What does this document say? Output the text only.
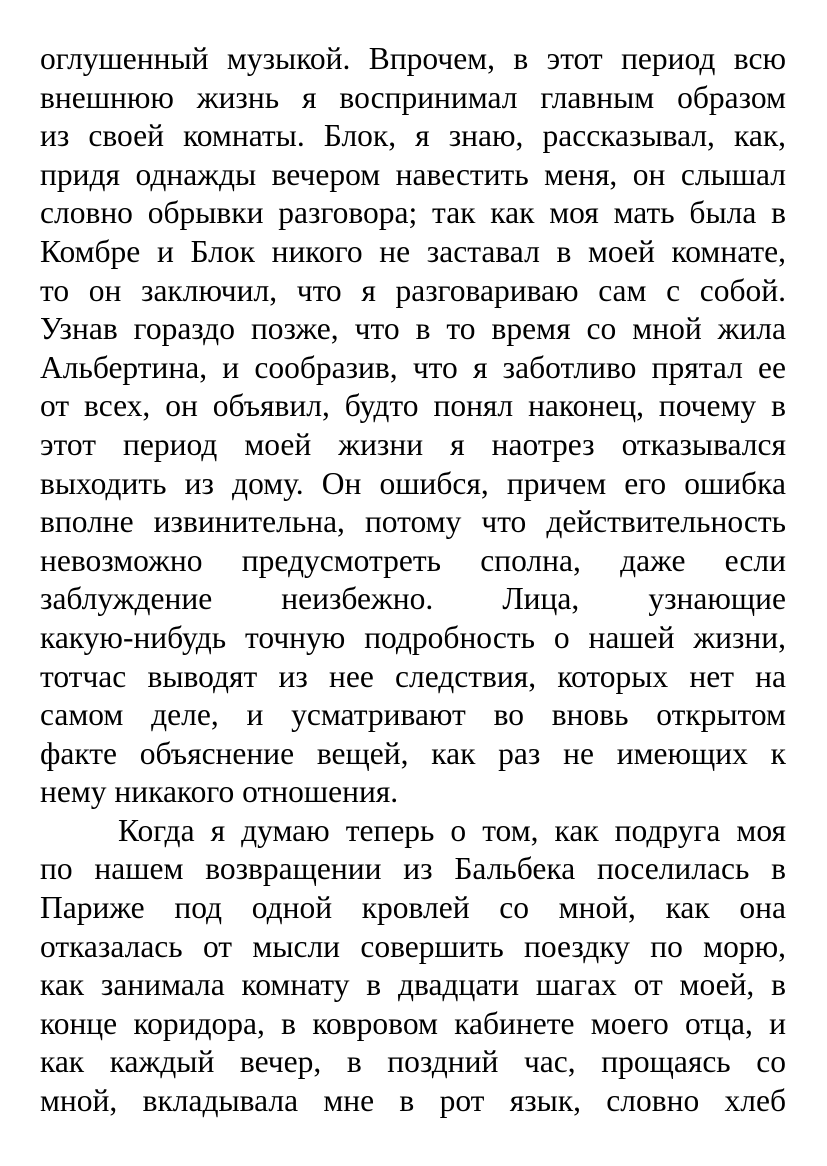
оглушенный музыкой. Впрочем, в этот период всю
внешнюю жизнь я воспринимал главным образом
из своей комнаты. Блок, я знаю, рассказывал, как,
придя однажды вечером навестить меня, он слышал
словно обрывки разговора; так как моя мать была в
Комбре и Блок никого не заставал в моей комнате,
то он заключил, что я разговариваю сам с собой.
Узнав гораздо позже, что в то время со мной жила
Альбертина, и сообразив, что я заботливо прятал ее
от всех, он объявил, будто понял наконец, почему в
этот период моей жизни я наотрез отказывался
выходить из дому. Он ошибся, причем его ошибка
вполне извинительна, потому что действительность
невозможно предусмотреть сполна, даже если
заблуждение неизбежно. Лица, узнающие
какую-нибудь точную подробность о нашей жизни,
тотчас выводят из нее следствия, которых нет на
самом деле, и усматривают во вновь открытом
факте объяснение вещей, как раз не имеющих к
нему никакого отношения.
Когда я думаю теперь о том, как подруга моя
по нашем возвращении из Бальбека поселилась в
Париже под одной кровлей со мной, как она
отказалась от мысли совершить поездку по морю,
как занимала комнату в двадцати шагах от моей, в
конце коридора, в ковровом кабинете моего отца, и
как каждый вечер, в поздний час, прощаясь со
мной, вкладывала мне в рот язык, словно хлеб
